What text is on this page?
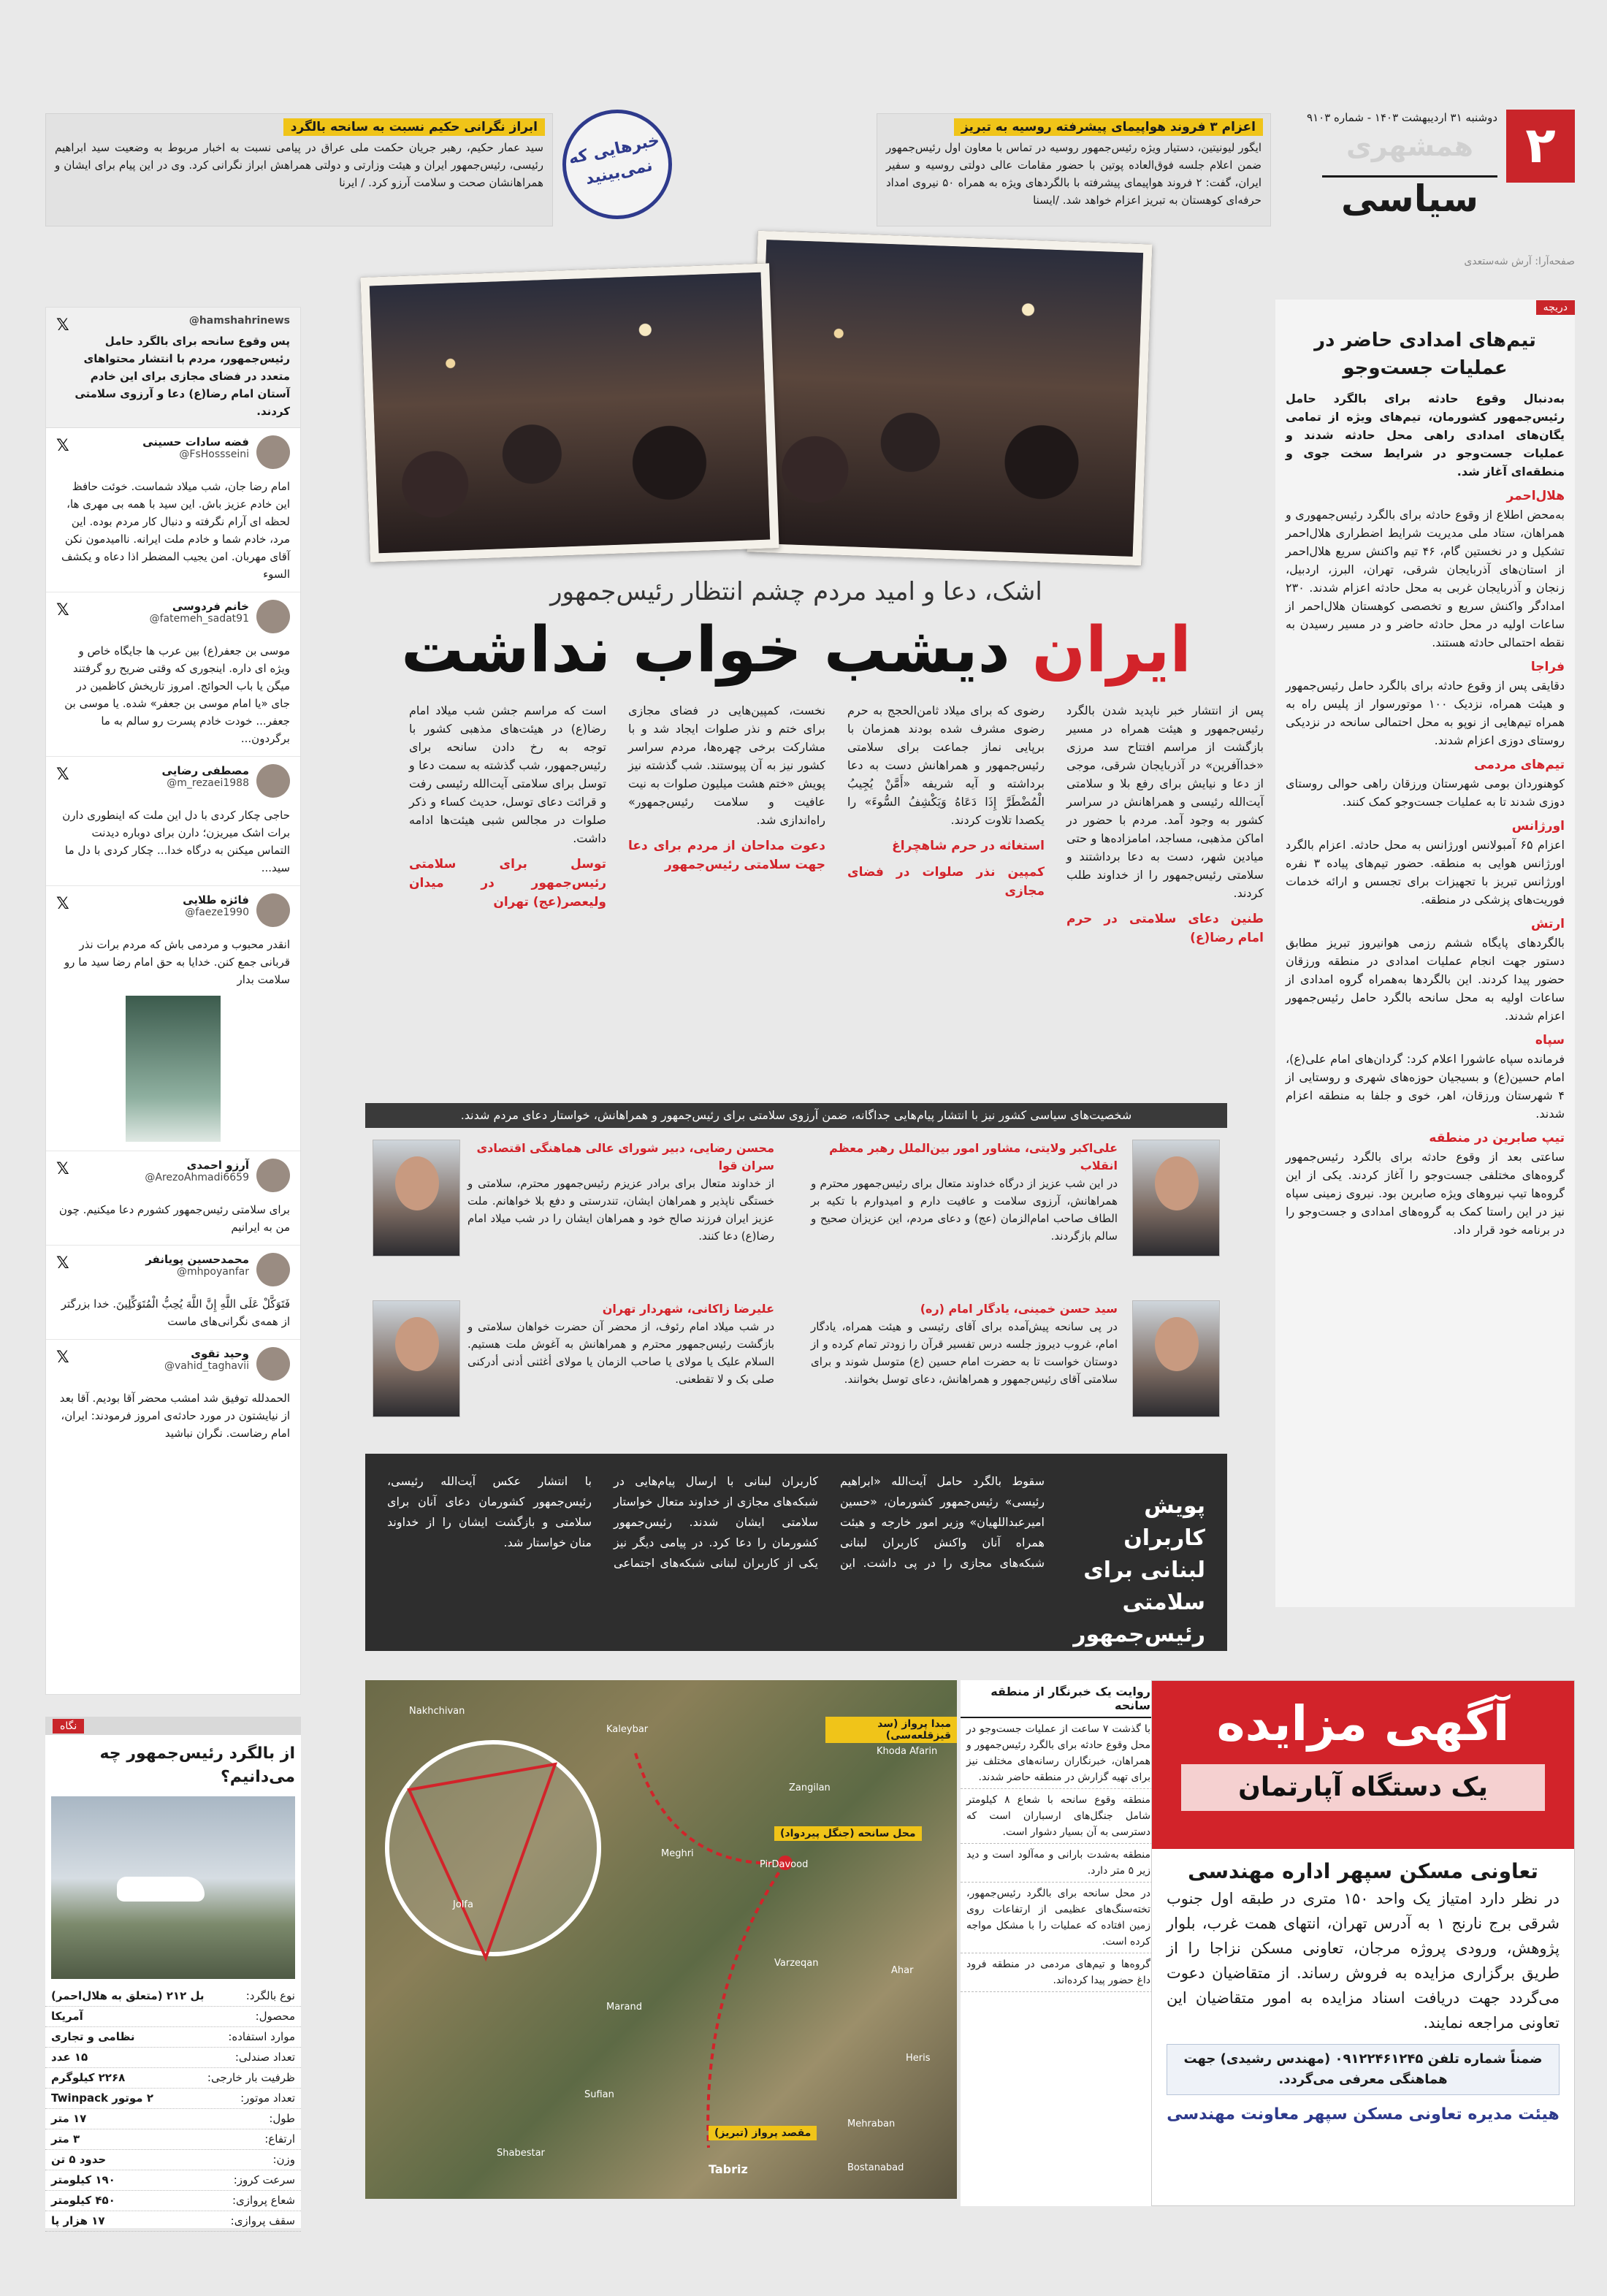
۲
دوشنبه ۳۱ اردیبهشت ۱۴۰۳ - شماره ۹۱۰۳
همشهری
سیاسی
صفحه‌آرا: آرش شه‌ستعدی
اعزام ۳ فروند هواپیمای پیشرفته روسیه به تبریز
ایگور لیونیتین، دستیار ویژه رئیس‌جمهور روسیه در تماس با معاون اول رئیس‌جمهور ضمن اعلام جلسه فوق‌العاده پوتین با حضور مقامات عالی دولتی روسیه و سفیر ایران، گفت: ۲ فروند هواپیمای پیشرفته با بالگردهای ویژه به همراه ۵۰ نیروی امداد حرفه‌ای کوهستان به تبریز اعزام خواهد شد. /ایسنا
ابراز نگرانی حکیم نسبت به سانحه بالگرد
سید عمار حکیم، رهبر جریان حکمت ملی عراق در پیامی نسبت به اخبار مربوط به وضعیت سید ابراهیم رئیسی، رئیس‌جمهور ایران و هیئت وزارتی و دولتی همراهش ابراز نگرانی کرد. وی در این پیام برای ایشان و همراهانشان صحت و سلامت آرزو کرد. / ایرنا
خبرهایی که نمی‌بینید
دریچه
تیم‌های امدادی حاضر در عملیات جست‌وجو
به‌دنبال وقوع حادثه برای بالگرد حامل رئیس‌جمهور کشورمان، تیم‌های ویژه از تمامی یگان‌های امدادی راهی محل حادثه شدند و عملیات جست‌وجو در شرایط سخت جوی و منطقه‌ای آغاز شد.
هلال‌احمر
به‌محض اطلاع از وقوع حادثه برای بالگرد رئیس‌جمهوری و همراهان، ستاد ملی مدیریت شرایط اضطراری هلال‌احمر تشکیل و در نخستین گام، ۴۶ تیم واکنش سریع هلال‌احمر از استان‌های آذربایجان شرقی، تهران، البرز، اردبیل، زنجان و آذربایجان غربی به محل حادثه اعزام شدند. ۲۳۰ امدادگر واکنش سریع و تخصصی کوهستان هلال‌احمر از ساعات اولیه در محل حادثه حاضر و در مسیر رسیدن به نقطه احتمالی حادثه هستند.
فراجا
دقایقی پس از وقوع حادثه برای بالگرد حامل رئیس‌جمهور و هیئت همراه، نزدیک ۱۰۰ موتورسوار از پلیس راه به همراه تیم‌هایی از نوپو به محل احتمالی سانحه در نزدیکی روستای دوزی اعزام شدند.
تیم‌های مردمی
کوهنوردان بومی شهرستان ورزقان راهی حوالی روستای دوزی شدند تا به عملیات جست‌وجو کمک کنند.
اورژانس
اعزام ۶۵ آمبولانس اورژانس به محل حادثه. اعزام بالگرد اورژانس هوایی به منطقه. حضور تیم‌های پیاده ۳ نفره اورژانس تبریز با تجهیزات برای تجسس و ارائه خدمات فوریت‌های پزشکی در منطقه.
ارتش
بالگردهای پایگاه ششم رزمی هوانیروز تبریز مطابق دستور جهت انجام عملیات امدادی در منطقه ورزقان حضور پیدا کردند. این بالگردها به‌همراه گروه امدادی از ساعات اولیه به محل سانحه بالگرد حامل رئیس‌جمهور اعزام شدند.
سپاه
فرمانده سپاه عاشورا اعلام کرد: گردان‌های امام علی(ع)، امام حسین(ع) و بسیجیان حوزه‌های شهری و روستایی از ۴ شهرستان ورزقان، اهر، خوی و جلفا به منطقه اعزام شدند.
تیپ صابرین در منطقه
ساعتی بعد از وقوع حادثه برای بالگرد رئیس‌جمهور گروه‌های مختلفی جست‌وجو را آغاز کردند. یکی از این گروه‌ها تیپ نیروهای ویژه صابرین بود. نیروی زمینی سپاه نیز در این راستا کمک به گروه‌های امدادی و جست‌وجو را در برنامه خود قرار داد.
𝕏	@hamshahrinews
پس وقوع سانحه برای بالگرد حامل رئیس‌جمهور، مردم با انتشار محتواهای متعدد در فضای مجازی برای این خادم آستان امام رضا(ع) دعا و آرزوی سلامتی کردند.
𝕏	فضه سادات حسینی
@FsHossseini
امام رضا جان، شب میلاد شماست. خوئت حافظ این خادم عزیز باش. این سید با همه بی مهری ها، لحظه ای آرام نگرفته و دنبال کار مردم بوده. این مرد، خادم شما و خادم ملت ایرانه. ناامیدمون نکن آقای مهربان. امن یجیب المضطر اذا دعاه و یکشف السوء
𝕏	خانم فردوسی
@fatemeh_sadat91
موسی بن جعفر(ع) بین عرب ها جایگاه خاص و ویژه ای داره. اینجوری که وقتی ضریح رو گرفتند میگن یا باب الحوائج. امروز تاریخش کاظمین در جای «یا امام موسی بن جعفر» شده. یا موسی بن جعفر... خودت خادم پسرت رو سالم به ما برگردون...
𝕏	مصطفی رضایی
@m_rezaei1988
حاجی چکار کردی با دل این ملت که اینطوری دارن برات اشک میریزن؛ دارن برای دوباره دیدنت التماس میکنن به درگاه خدا... چکار کردی با دل ما سید...
𝕏	فائزه طلایی
@faeze1990
انقدر محبوب و مردمی باش که مردم برات نذر قربانی جمع کنن. خدایا به حق امام رضا سید ما رو سلامت بدار
𝕏	آرزو احمدی
@ArezoAhmadi6659
برای سلامتی رئیس‌جمهور کشورم دعا میکنیم. چون من به ایرانیم
𝕏	محمدحسین پویانفر
@mhpoyanfar
فَتَوَکَّلْ عَلَی اللَّهِ إِنَّ اللَّهَ یُحِبُّ الْمُتَوَکِّلِینَ. خدا بزرگتر از همه‌ی نگرانی‌های ماست
𝕏	وحید تقوی
@vahid_taghavii
الحمدلله توفیق شد امشب محضر آقا بودیم. آقا بعد از نیایشتون در مورد حادثه‌ی امروز فرمودند: ایران، امام رضاست. نگران نباشید
اشک، دعا و امید مردم چشم انتظار رئیس‌جمهور
ایران دیشب خواب نداشت
پس از انتشار خبر ناپدید شدن بالگرد رئیس‌جمهور و هیئت همراه در مسیر بازگشت از مراسم افتتاح سد مرزی «خداآفرین» در آذربایجان شرقی، موجی از دعا و نیایش برای رفع بلا و سلامتی آیت‌الله رئیسی و همراهانش در سراسر کشور به وجود آمد. مردم با حضور در اماکن مذهبی، مساجد، امامزاده‌ها و حتی میادین شهر، دست به دعا برداشتند و سلامتی رئیس‌جمهور را از خداوند طلب کردند.
طنین دعای سلامتی در حرم امام رضا(ع)
رضوی که برای میلاد ثامن‌الحجج به حرم رضوی مشرف شده بودند همزمان با برپایی نماز جماعت برای سلامتی رئیس‌جمهور و همراهانش دست به دعا برداشته و آیه شریفه «أَمَّنْ یُجِیبُ الْمُضْطَرَّ إِذَا دَعَاهُ وَیَکْشِفُ السُّوءَ» را یکصدا تلاوت کردند.
استغاثه در حرم شاهچراغ
کمپین نذر صلوات در فضای مجازی
نخست، کمپین‌هایی در فضای مجازی برای ختم و نذر صلوات ایجاد شد و با مشارکت برخی چهره‌ها، مردم سراسر کشور نیز به آن پیوستند. شب گذشته نیز پویش «ختم هشت میلیون صلوات به نیت عافیت و سلامت رئیس‌جمهور» راه‌اندازی شد.
دعوت مداحان از مردم برای دعا جهت سلامتی رئیس‌جمهور
است که مراسم جشن شب میلاد امام رضا(ع) در هیئت‌های مذهبی کشور با توجه به رخ دادن سانحه برای رئیس‌جمهور، شب گذشته به سمت دعا و توسل برای سلامتی آیت‌الله رئیسی رفت و قرائت دعای توسل، حدیث کساء و ذکر صلوات در مجالس شبی هیئت‌ها ادامه داشت.
توسل برای سلامتی رئیس‌جمهور در میدان ولیعصر(عج) تهران
شخصیت‌های سیاسی کشور نیز با انتشار پیام‌هایی جداگانه، ضمن آرزوی سلامتی برای رئیس‌جمهور و همراهانش، خواستار دعای مردم شدند.
علی‌اکبر ولایتی، مشاور امور بین‌الملل رهبر معظم انقلاب
در این شب عزیز از درگاه خداوند متعال برای رئیس‌جمهور محترم و همراهانش، آرزوی سلامت و عافیت دارم و امیدوارم با تکیه بر الطاف صاحب امام‌الزمان (عج) و دعای مردم، این عزیزان صحیح و سالم بازگردند.
محسن رضایی، دبیر شورای عالی هماهنگی اقتصادی سران قوا
از خداوند متعال برای برادر عزیزم رئیس‌جمهور محترم، سلامتی و خستگی ناپذیر و همراهان ایشان، تندرستی و دفع بلا خواهانم. ملت عزیز ایران فرزند صالح خود و همراهان ایشان را در شب میلاد امام رضا(ع) دعا کنند.
سید حسن خمینی، یادگار امام (ره)
در پی سانحه پیش‌آمده برای آقای رئیسی و هیئت همراه، یادگار امام، غروب دیروز جلسه درس تفسیر قرآن را زودتر تمام کرده و از دوستان خواست تا به حضرت امام حسین (ع) متوسل شوند و برای سلامتی آقای رئیس‌جمهور و همراهانش، دعای توسل بخوانند.
علیرضا زاکانی، شهردار تهران
در شب میلاد امام رئوف، از محضر آن حضرت خواهان سلامتی و بازگشت رئیس‌جمهور محترم و همراهانش به آغوش ملت هستیم. السلام علیک یا مولای یا صاحب الزمان یا مولای أغثنی أدنی أدرکنی صلی بک و لا تقطعنی.
پویش کاربران لبنانی برای سلامتی رئیس‌جمهور
سقوط بالگرد حامل آیت‌الله «ابراهیم رئیسی» رئیس‌جمهور کشورمان، «حسین امیرعبداللهیان» وزیر امور خارجه و هیئت همراه آنان واکنش کاربران لبنانی شبکه‌های مجازی را در پی داشت. این کاربران لبنانی با ارسال پیام‌هایی در شبکه‌های مجازی از خداوند متعال خواستار سلامتی ایشان شدند. رئیس‌جمهور کشورمان را دعا کرد. در پیامی دیگر نیز یکی از کاربران لبنانی شبکه‌های اجتماعی با انتشار عکس آیت‌الله رئیسی، رئیس‌جمهور کشورمان دعای آنان برای سلامتی و بازگشت ایشان را از خداوند منان خواستار شد.
مبدا پرواز (سد قیزقلعه‌سی)
محل سانحه (جنگل پیردواد)
مقصد پرواز (تبریز)
Kaleybar
Nakhchivan
Khoda Afarin
Zangilan
Meghri
PirDavood
Varzeqan
Ahar
Heris
Marand
Sufian
Tabriz
Shabestar
Bostanabad
Mehraban
Jolfa
روایت یک خبرنگار از منطقه سانحه
با گذشت ۷ ساعت از عملیات جست‌وجو در محل وقوع حادثه برای بالگرد رئیس‌جمهور و همراهان، خبرنگاران رسانه‌های مختلف نیز برای تهیه گزارش در منطقه حاضر شدند.
منطقه وقوع سانحه با شعاع ۸ کیلومتر شامل جنگل‌های ارسباران است که دسترسی به آن بسیار دشوار است.
منطقه به‌شدت بارانی و مه‌آلود است و دید زیر ۵ متر دارد.
در محل سانحه برای بالگرد رئیس‌جمهور، تخته‌سنگ‌های عظیمی از ارتفاعات روی زمین افتاده که عملیات را با مشکل مواجه کرده است.
گروه‌ها و تیم‌های مردمی در منطقه فرود داغ حضور پیدا کرده‌اند.
آگهی مزایده
یک دستگاه آپارتمان
تعاونی مسکن سپهر اداره مهندسی
در نظر دارد امتیاز یک واحد ۱۵۰ متری در طبقه اول جنوب شرقی برج نارنج ۱ به آدرس تهران، انتهای همت غرب، بلوار پژوهش، ورودی پروژه مرجان، تعاونی مسکن نزاجا را از طریق برگزاری مزایده به فروش رساند. از متقاضیان دعوت می‌گردد جهت دریافت اسناد مزایده به امور متقاضیان این تعاونی مراجعه نمایند.
ضمناً شماره تلفن ۰۹۱۲۲۴۶۱۲۴۵ (مهندس رشیدی) جهت هماهنگی معرفی می‌گردد.
هیئت مدیره تعاونی مسکن سپهر معاونت مهندسی
نگاه
از بالگرد رئیس‌جمهور چه می‌دانیم؟
نوع بالگرد:
بل ۲۱۲ (متعلق به هلال‌احمر)
محصول:
آمریکا
موارد استفاده:
نظامی و تجاری
تعداد صندلی:
۱۵ عدد
ظرفیت بار خارجی:
۲۲۶۸ کیلوگرم
تعداد موتور:
۲ موتور Twinpack
طول:
۱۷ متر
ارتفاع:
۳ متر
وزن:
حدود ۵ تن
سرعت کروز:
۱۹۰ کیلومتر
شعاع پروازی:
۴۵۰ کیلومتر
سقف پروازی:
۱۷ هزار پا
